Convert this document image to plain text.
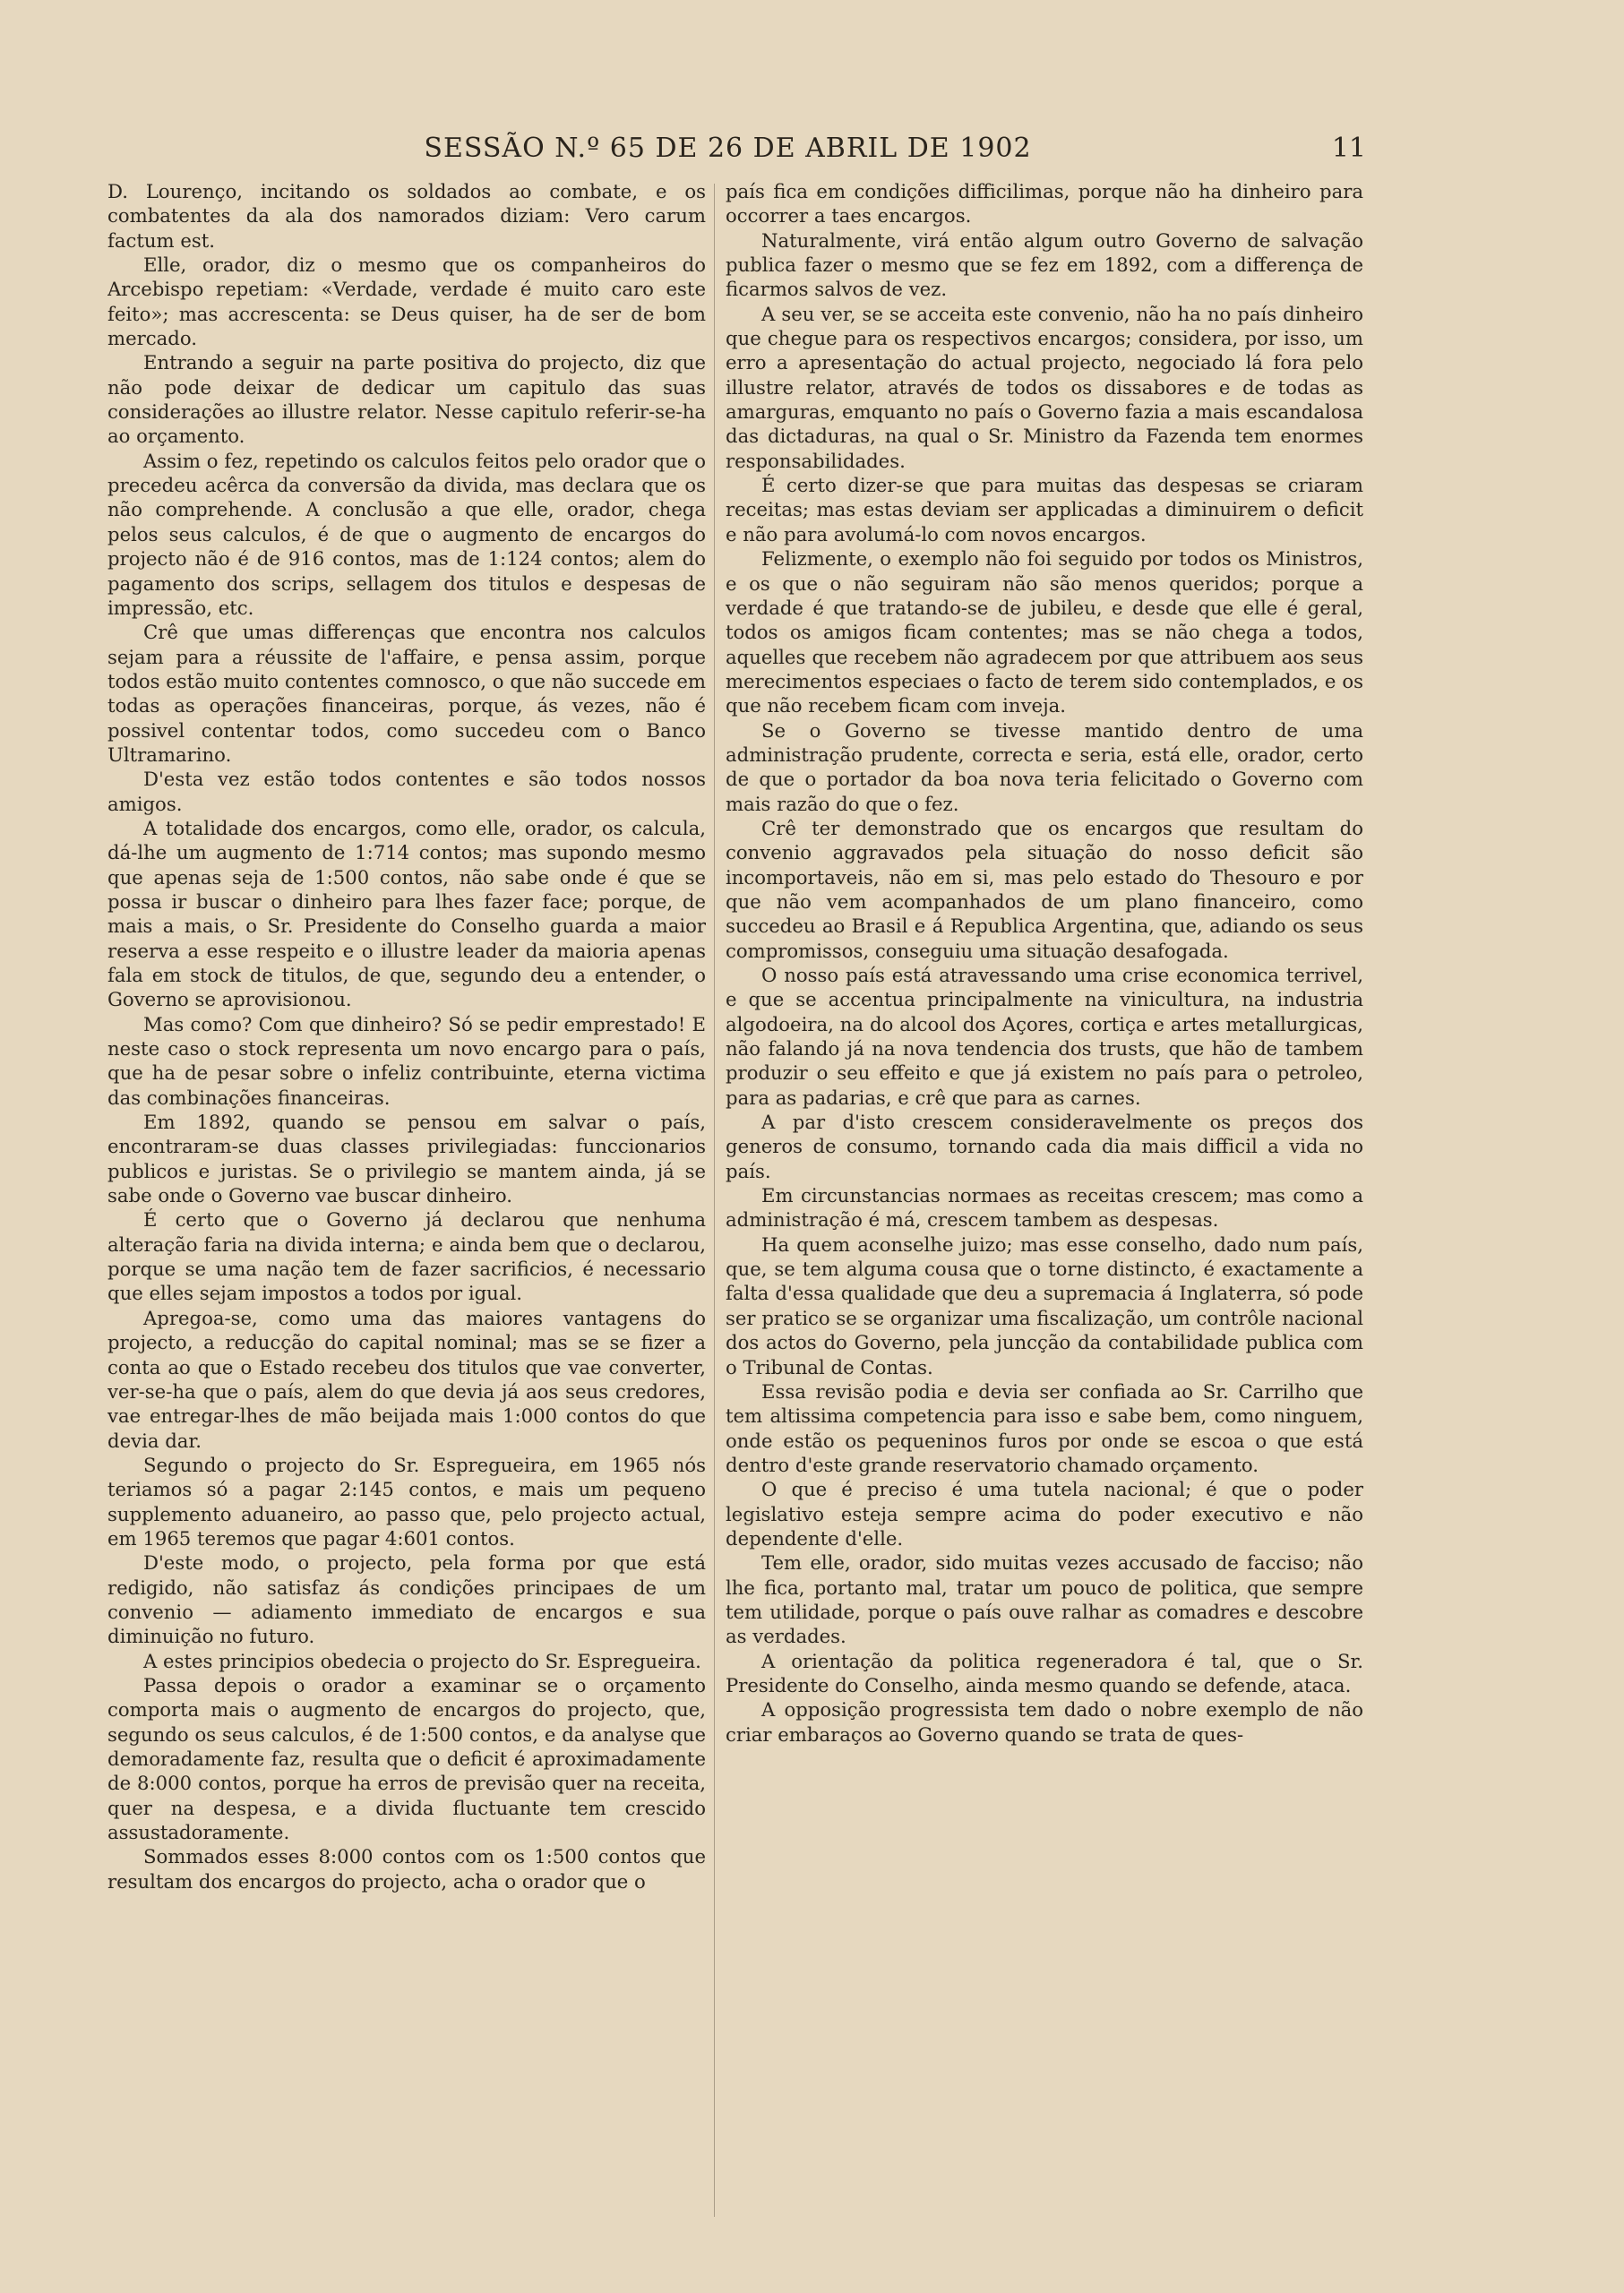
SESSÃO N.º 65 DE 26 DE ABRIL DE 1902	11

D. Lourenço, incitando os soldados ao combate, e os combatentes da ala dos namorados diziam: Vero carum factum est.

Elle, orador, diz o mesmo que os companheiros do Arcebispo repetiam: «Verdade, verdade é muito caro este feito»; mas accrescenta: se Deus quiser, ha de ser de bom mercado.

Entrando a seguir na parte positiva do projecto, diz que não pode deixar de dedicar um capitulo das suas considerações ao illustre relator. Nesse capitulo referir-se-ha ao orçamento.

Assim o fez, repetindo os calculos feitos pelo orador que o precedeu acêrca da conversão da divida, mas declara que os não comprehende. A conclusão a que elle, orador, chega pelos seus calculos, é de que o augmento de encargos do projecto não é de 916 contos, mas de 1:124 contos; alem do pagamento dos scrips, sellagem dos titulos e despesas de impressão, etc.

Crê que umas differenças que encontra nos calculos sejam para a réussite de l'affaire, e pensa assim, porque todos estão muito contentes comnosco, o que não succede em todas as operações financeiras, porque, ás vezes, não é possivel contentar todos, como succedeu com o Banco Ultramarino.

D'esta vez estão todos contentes e são todos nossos amigos.

A totalidade dos encargos, como elle, orador, os calcula, dá-lhe um augmento de 1:714 contos; mas supondo mesmo que apenas seja de 1:500 contos, não sabe onde é que se possa ir buscar o dinheiro para lhes fazer face; porque, de mais a mais, o Sr. Presidente do Conselho guarda a maior reserva a esse respeito e o illustre leader da maioria apenas fala em stock de titulos, de que, segundo deu a entender, o Governo se aprovisionou.

Mas como? Com que dinheiro? Só se pedir emprestado! E neste caso o stock representa um novo encargo para o país, que ha de pesar sobre o infeliz contribuinte, eterna victima das combinações financeiras.

Em 1892, quando se pensou em salvar o país, encontraram-se duas classes privilegiadas: funccionarios publicos e juristas. Se o privilegio se mantem ainda, já se sabe onde o Governo vae buscar dinheiro.

É certo que o Governo já declarou que nenhuma alteração faria na divida interna; e ainda bem que o declarou, porque se uma nação tem de fazer sacrificios, é necessario que elles sejam impostos a todos por igual.

Apregoa-se, como uma das maiores vantagens do projecto, a reducção do capital nominal; mas se se fizer a conta ao que o Estado recebeu dos titulos que vae converter, ver-se-ha que o país, alem do que devia já aos seus credores, vae entregar-lhes de mão beijada mais 1:000 contos do que devia dar.

Segundo o projecto do Sr. Espregueira, em 1965 nós teriamos só a pagar 2:145 contos, e mais um pequeno supplemento aduaneiro, ao passo que, pelo projecto actual, em 1965 teremos que pagar 4:601 contos.

D'este modo, o projecto, pela forma por que está redigido, não satisfaz ás condições principaes de um convenio — adiamento immediato de encargos e sua diminuição no futuro.

A estes principios obedecia o projecto do Sr. Espregueira.

Passa depois o orador a examinar se o orçamento comporta mais o augmento de encargos do projecto, que, segundo os seus calculos, é de 1:500 contos, e da analyse que demoradamente faz, resulta que o deficit é aproximadamente de 8:000 contos, porque ha erros de previsão quer na receita, quer na despesa, e a divida fluctuante tem crescido assustadoramente.

Sommados esses 8:000 contos com os 1:500 contos que resultam dos encargos do projecto, acha o orador que o

país fica em condições difficilimas, porque não ha dinheiro para occorrer a taes encargos.

Naturalmente, virá então algum outro Governo de salvação publica fazer o mesmo que se fez em 1892, com a differença de ficarmos salvos de vez.

A seu ver, se se acceita este convenio, não ha no país dinheiro que chegue para os respectivos encargos; considera, por isso, um erro a apresentação do actual projecto, negociado lá fora pelo illustre relator, através de todos os dissabores e de todas as amarguras, emquanto no país o Governo fazia a mais escandalosa das dictaduras, na qual o Sr. Ministro da Fazenda tem enormes responsabilidades.

É certo dizer-se que para muitas das despesas se criaram receitas; mas estas deviam ser applicadas a diminuirem o deficit e não para avolumá-lo com novos encargos.

Felizmente, o exemplo não foi seguido por todos os Ministros, e os que o não seguiram não são menos queridos; porque a verdade é que tratando-se de jubileu, e desde que elle é geral, todos os amigos ficam contentes; mas se não chega a todos, aquelles que recebem não agradecem por que attribuem aos seus merecimentos especiaes o facto de terem sido contemplados, e os que não recebem ficam com inveja.

Se o Governo se tivesse mantido dentro de uma administração prudente, correcta e seria, está elle, orador, certo de que o portador da boa nova teria felicitado o Governo com mais razão do que o fez.

Crê ter demonstrado que os encargos que resultam do convenio aggravados pela situação do nosso deficit são incomportaveis, não em si, mas pelo estado do Thesouro e por que não vem acompanhados de um plano financeiro, como succedeu ao Brasil e á Republica Argentina, que, adiando os seus compromissos, conseguiu uma situação desafogada.

O nosso país está atravessando uma crise economica terrivel, e que se accentua principalmente na vinicultura, na industria algodoeira, na do alcool dos Açores, cortiça e artes metallurgicas, não falando já na nova tendencia dos trusts, que hão de tambem produzir o seu effeito e que já existem no país para o petroleo, para as padarias, e crê que para as carnes.

A par d'isto crescem consideravelmente os preços dos generos de consumo, tornando cada dia mais difficil a vida no país.

Em circunstancias normaes as receitas crescem; mas como a administração é má, crescem tambem as despesas.

Ha quem aconselhe juizo; mas esse conselho, dado num país, que, se tem alguma cousa que o torne distincto, é exactamente a falta d'essa qualidade que deu a supremacia á Inglaterra, só pode ser pratico se se organizar uma fiscalização, um contrôle nacional dos actos do Governo, pela juncção da contabilidade publica com o Tribunal de Contas.

Essa revisão podia e devia ser confiada ao Sr. Carrilho que tem altissima competencia para isso e sabe bem, como ninguem, onde estão os pequeninos furos por onde se escoa o que está dentro d'este grande reservatorio chamado orçamento.

O que é preciso é uma tutela nacional; é que o poder legislativo esteja sempre acima do poder executivo e não dependente d'elle.

Tem elle, orador, sido muitas vezes accusado de facciso; não lhe fica, portanto mal, tratar um pouco de politica, que sempre tem utilidade, porque o país ouve ralhar as comadres e descobre as verdades.

A orientação da politica regeneradora é tal, que o Sr. Presidente do Conselho, ainda mesmo quando se defende, ataca.

A opposição progressista tem dado o nobre exemplo de não criar embaraços ao Governo quando se trata de ques-
